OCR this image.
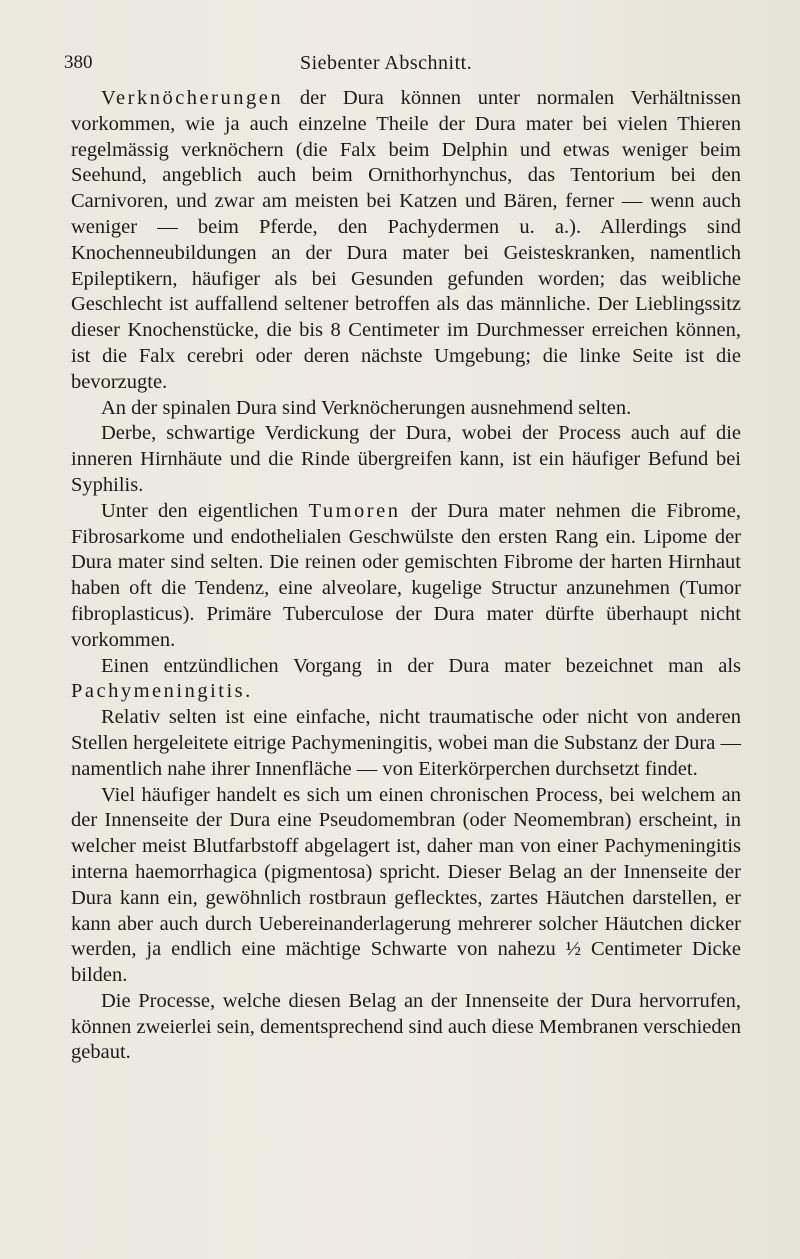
380	Siebenter Abschnitt.

Verknöcherungen der Dura können unter normalen Verhältnissen vorkommen, wie ja auch einzelne Theile der Dura mater bei vielen Thieren regelmässig verknöchern (die Falx beim Delphin und etwas weniger beim Seehund, angeblich auch beim Ornithorhynchus, das Tentorium bei den Carnivoren, und zwar am meisten bei Katzen und Bären, ferner — wenn auch weniger — beim Pferde, den Pachydermen u. a.). Allerdings sind Knochenneubildungen an der Dura mater bei Geisteskranken, namentlich Epileptikern, häufiger als bei Gesunden gefunden worden; das weibliche Geschlecht ist auffallend seltener betroffen als das männliche. Der Lieblingssitz dieser Knochenstücke, die bis 8 Centimeter im Durchmesser erreichen können, ist die Falx cerebri oder deren nächste Umgebung; die linke Seite ist die bevorzugte.

An der spinalen Dura sind Verknöcherungen ausnehmend selten.

Derbe, schwartige Verdickung der Dura, wobei der Process auch auf die inneren Hirnhäute und die Rinde übergreifen kann, ist ein häufiger Befund bei Syphilis.

Unter den eigentlichen Tumoren der Dura mater nehmen die Fibrome, Fibrosarkome und endothelialen Geschwülste den ersten Rang ein. Lipome der Dura mater sind selten. Die reinen oder gemischten Fibrome der harten Hirnhaut haben oft die Tendenz, eine alveolare, kugelige Structur anzunehmen (Tumor fibroplasticus). Primäre Tuberculose der Dura mater dürfte überhaupt nicht vorkommen.

Einen entzündlichen Vorgang in der Dura mater bezeichnet man als Pachymeningitis.

Relativ selten ist eine einfache, nicht traumatische oder nicht von anderen Stellen hergeleitete eitrige Pachymeningitis, wobei man die Substanz der Dura — namentlich nahe ihrer Innenfläche — von Eiterkörperchen durchsetzt findet.

Viel häufiger handelt es sich um einen chronischen Process, bei welchem an der Innenseite der Dura eine Pseudomembran (oder Neomembran) erscheint, in welcher meist Blutfarbstoff abgelagert ist, daher man von einer Pachymeningitis interna haemorrhagica (pigmentosa) spricht. Dieser Belag an der Innenseite der Dura kann ein, gewöhnlich rostbraun geflecktes, zartes Häutchen darstellen, er kann aber auch durch Uebereinanderlagerung mehrerer solcher Häutchen dicker werden, ja endlich eine mächtige Schwarte von nahezu ½ Centimeter Dicke bilden.

Die Processe, welche diesen Belag an der Innenseite der Dura hervorrufen, können zweierlei sein, dementsprechend sind auch diese Membranen verschieden gebaut.
